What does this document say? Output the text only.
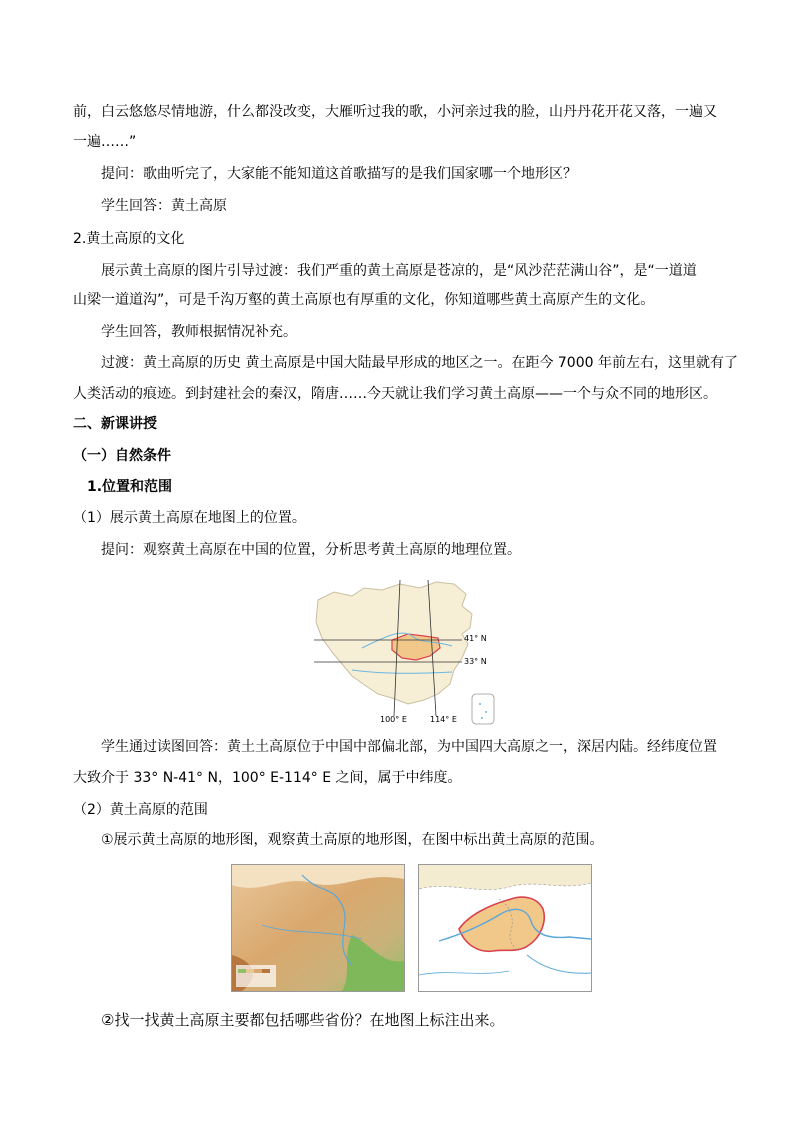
前，白云悠悠尽情地游，什么都没改变，大雁听过我的歌，小河亲过我的脸，山丹丹花开花又落，一遍又
一遍……”
提问：歌曲听完了，大家能不能知道这首歌描写的是我们国家哪一个地形区？
学生回答：黄土高原
2.黄土高原的文化
展示黄土高原的图片引导过渡：我们严重的黄土高原是苍凉的，是“风沙茫茫满山谷”，是“一道道
山梁一道道沟”，可是千沟万壑的黄土高原也有厚重的文化，你知道哪些黄土高原产生的文化。
学生回答，教师根据情况补充。
过渡：黄土高原的历史 黄土高原是中国大陆最早形成的地区之一。在距今 7000 年前左右，这里就有了
人类活动的痕迹。到封建社会的秦汉，隋唐……今天就让我们学习黄土高原——一个与众不同的地形区。
二、新课讲授
（一）自然条件
1.位置和范围
（1）展示黄土高原在地图上的位置。
提问：观察黄土高原在中国的位置，分析思考黄土高原的地理位置。
41° N
33° N
100° E	114° E
学生通过读图回答：黄土土高原位于中国中部偏北部，为中国四大高原之一，深居内陆。经纬度位置
大致介于 33° N-41° N，100° E-114° E 之间，属于中纬度。
（2）黄土高原的范围
①展示黄土高原的地形图，观察黄土高原的地形图，在图中标出黄土高原的范围。
②找一找黄土高原主要都包括哪些省份？在地图上标注出来。
